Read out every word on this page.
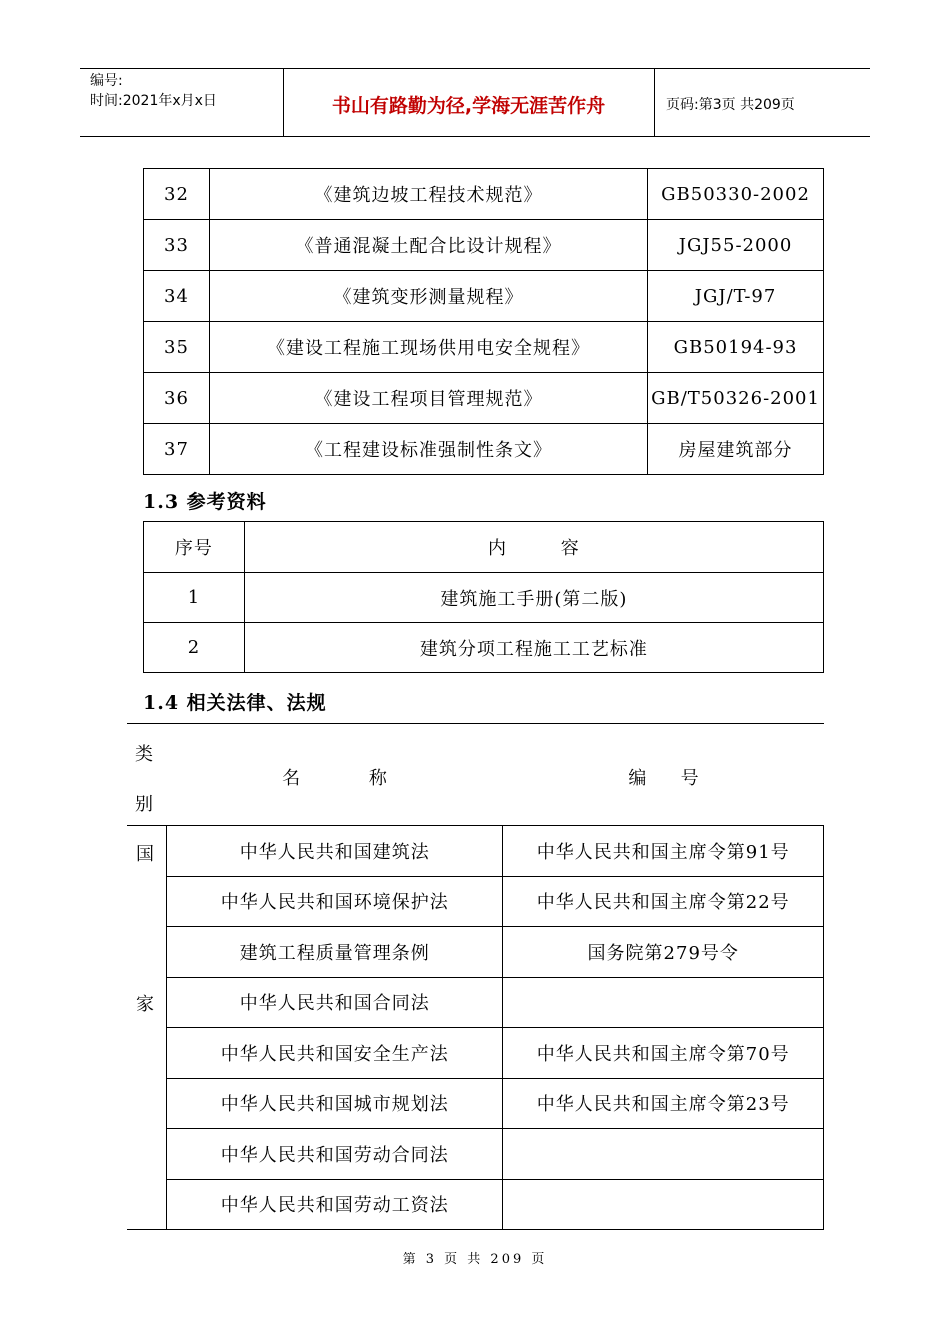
编号:
时间:2021年x月x日	书山有路勤为径,学海无涯苦作舟	页码:第3页 共209页
32	《建筑边坡工程技术规范》	GB50330-2002
33	《普通混凝土配合比设计规程》	JGJ55-2000
34	《建筑变形测量规程》	JGJ/T-97
35	《建设工程施工现场供用电安全规程》	GB50194-93
36	《建设工程项目管理规范》	GB/T50326-2001
37	《工程建设标准强制性条文》	房屋建筑部分
1.3 参考资料
序号	内        容
1	建筑施工手册(第二版)
2	建筑分项工程施工工艺标准
1.4 相关法律、法规
类
别
名            称	编      号
国
家
中华人民共和国建筑法	中华人民共和国主席令第91号
中华人民共和国环境保护法	中华人民共和国主席令第22号
建筑工程质量管理条例	国务院第279号令
中华人民共和国合同法	
中华人民共和国安全生产法	中华人民共和国主席令第70号
中华人民共和国城市规划法	中华人民共和国主席令第23号
中华人民共和国劳动合同法	
中华人民共和国劳动工资法	
第 3 页 共 209 页
